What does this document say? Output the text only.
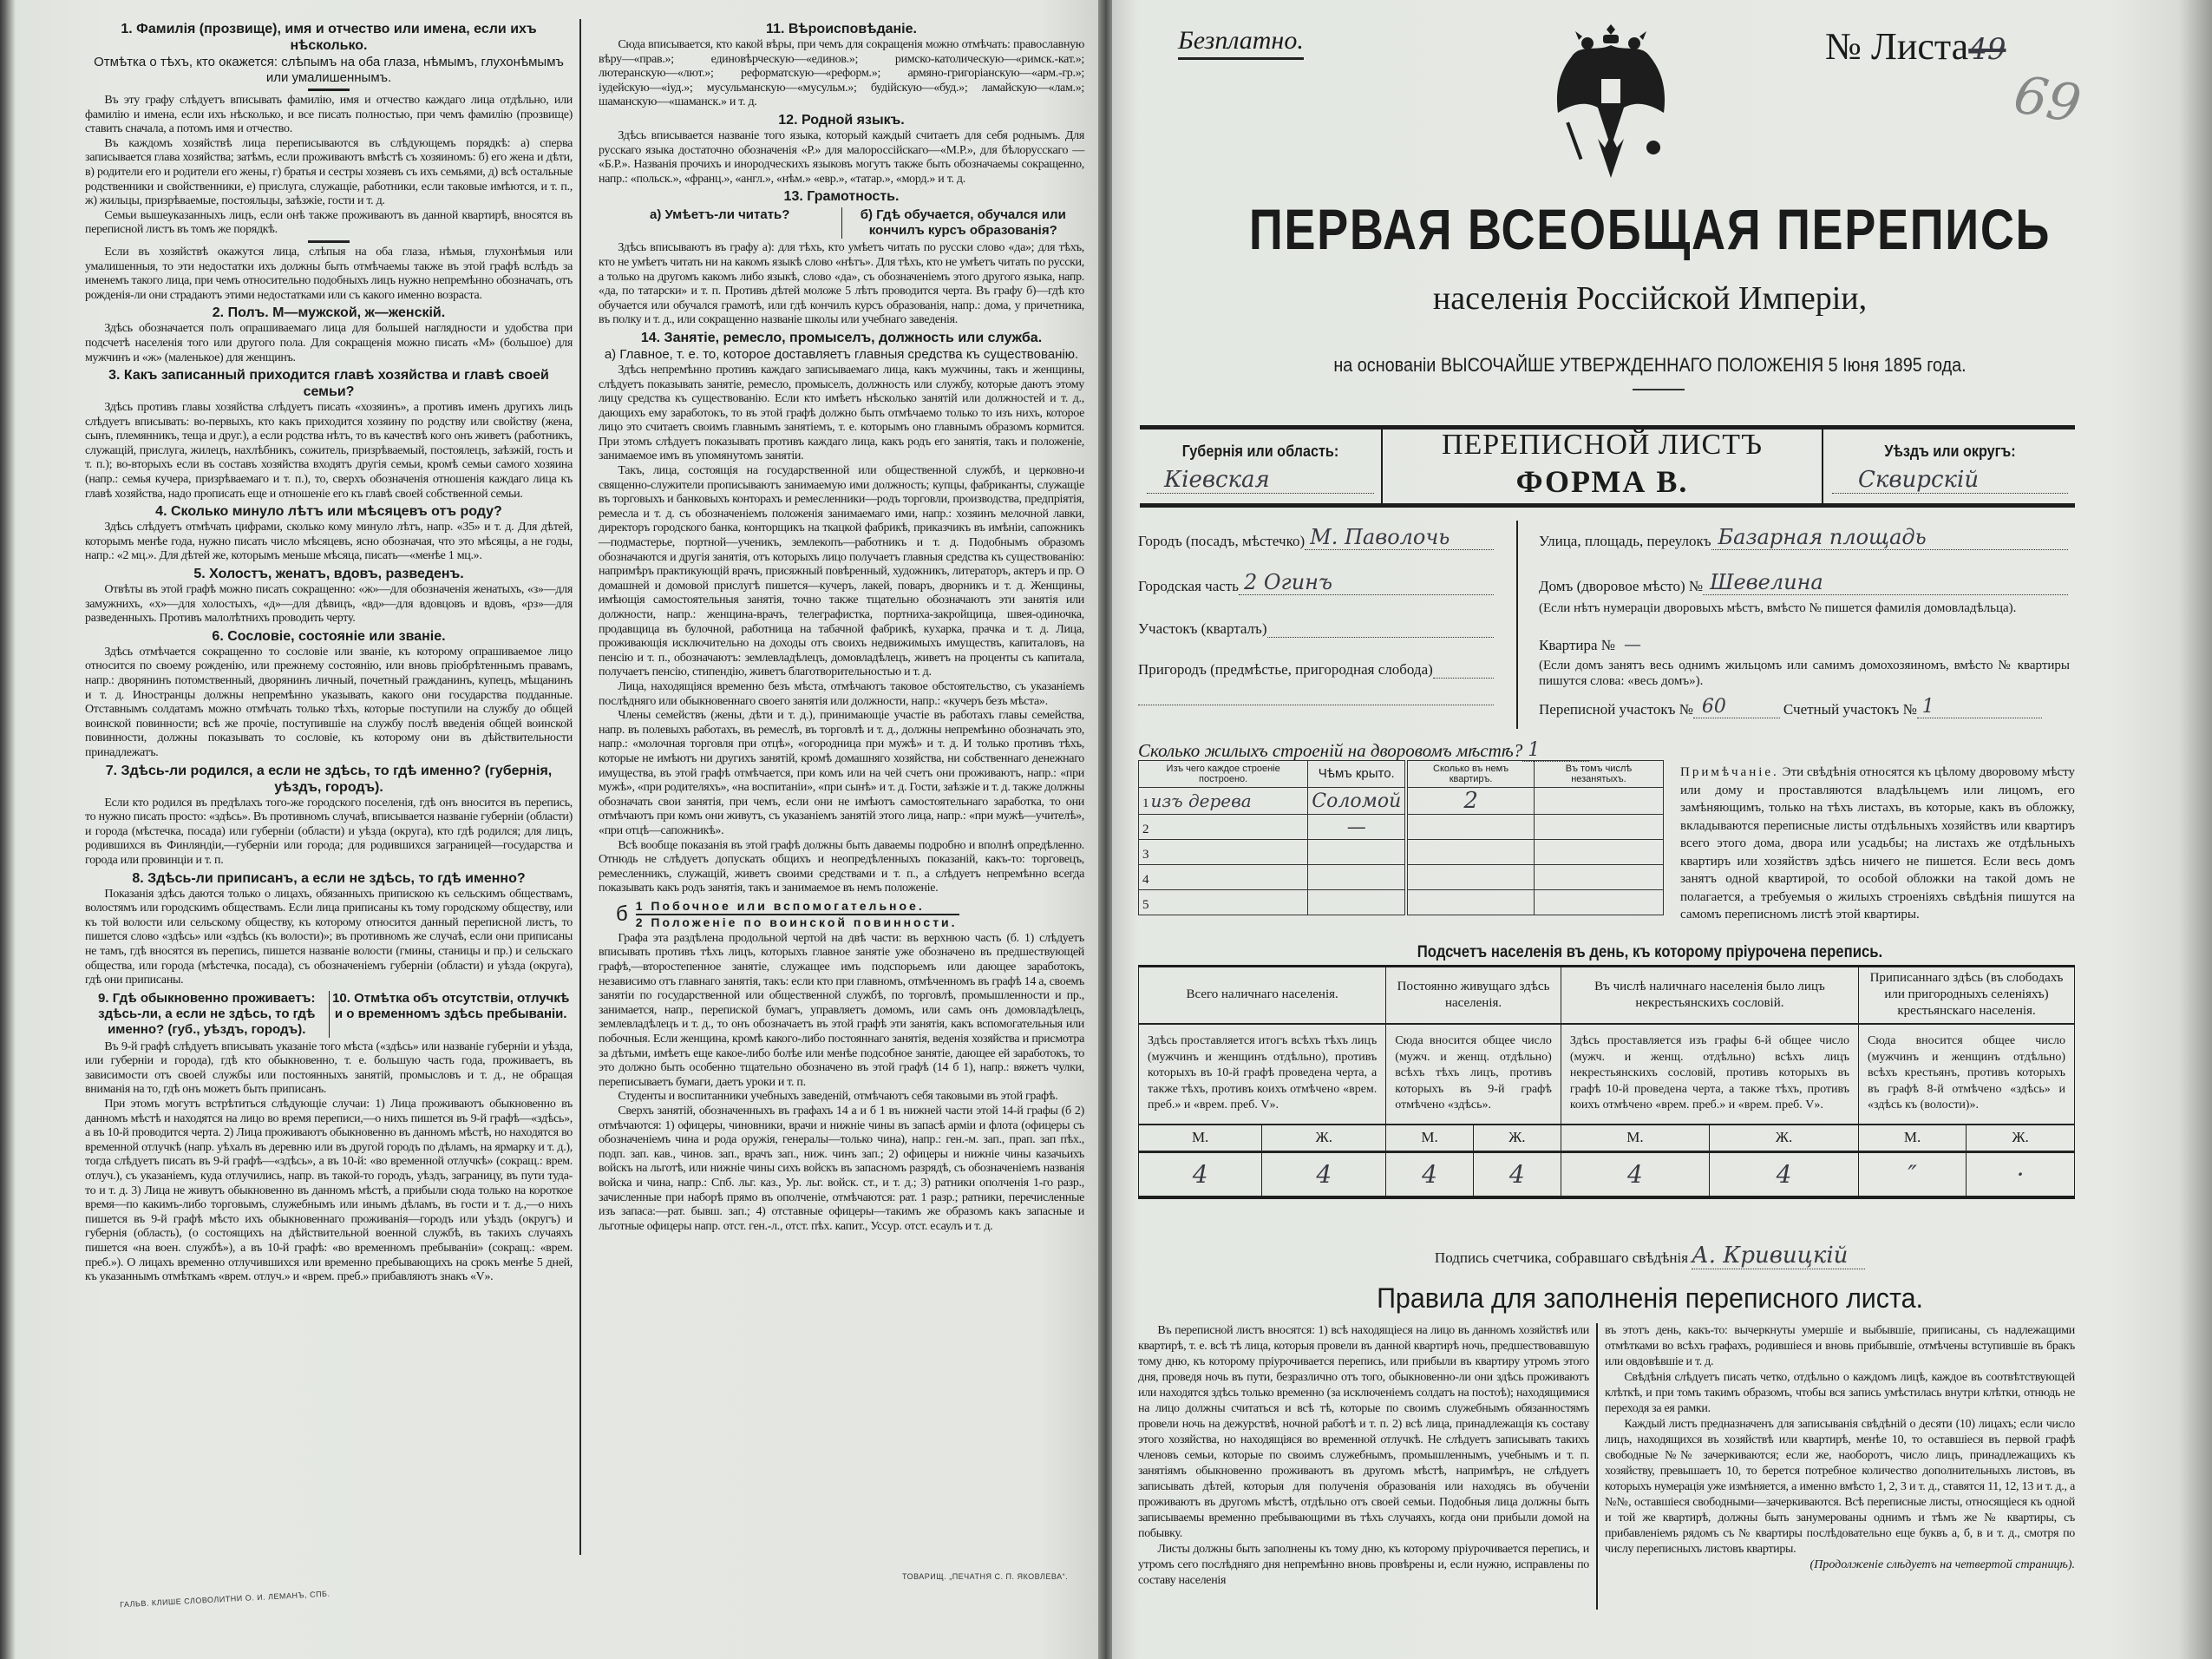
1. Фамилія (прозвище), имя и отчество или имена, если ихъ нѣсколько.
Отмѣтка о тѣхъ, кто окажется: слѣпымъ на оба глаза, нѣмымъ, глухонѣмымъ или умалишеннымъ.

Въ эту графу слѣдуетъ вписывать фамилію, имя и отчество каждаго лица отдѣльно, или фамилію и имена, если ихъ нѣсколько, и все писать полностью, при чемъ фамилію (прозвище) ставить сначала, а потомъ имя и отчество.

Въ каждомъ хозяйствѣ лица переписываются въ слѣдующемъ порядкѣ: а) сперва записывается глава хозяйства; затѣмъ, если проживаютъ вмѣстѣ съ хозяиномъ: б) его жена и дѣти, в) родители его и родители его жены, г) братья и сестры хозяевъ съ ихъ семьями, д) всѣ остальные родственники и свойственники, е) прислуга, служащіе, работники, если таковые имѣются, и т. п., ж) жильцы, призрѣваемые, постояльцы, заѣзжіе, гости и т. д.

Семьи вышеуказанныхъ лицъ, если онѣ также проживаютъ въ данной квартирѣ, вносятся въ переписной листъ въ томъ же порядкѣ.

Если въ хозяйствѣ окажутся лица, слѣпыя на оба глаза, нѣмыя, глухонѣмыя или умалишенныя, то эти недостатки ихъ должны быть отмѣчаемы также въ этой графѣ вслѣдъ за именемъ такого лица, при чемъ относительно подобныхъ лицъ нужно непремѣнно обозначать, отъ рожденія-ли они страдаютъ этими недостатками или съ какого именно возраста.

2. Полъ. М—мужской, ж—женскій.

Здѣсь обозначается полъ опрашиваемаго лица для большей наглядности и удобства при подсчетѣ населенія того или другого пола. Для сокращенія можно писать «М» (большое) для мужчинъ и «ж» (маленькое) для женщинъ.

3. Какъ записанный приходится главѣ хозяйства и главѣ своей семьи?

Здѣсь противъ главы хозяйства слѣдуетъ писать «хозяинъ», а противъ именъ другихъ лицъ слѣдуетъ вписывать: во-первыхъ, кто какъ приходится хозяину по родству или свойству (жена, сынъ, племянникъ, теща и друг.), а если родства нѣтъ, то въ качествѣ кого онъ живетъ (работникъ, служащій, прислуга, жилецъ, нахлѣбникъ, сожитель, призрѣваемый, постоялецъ, заѣзжій, гость и т. п.); во-вторыхъ если въ составъ хозяйства входятъ другія семьи, кромѣ семьи самого хозяина (напр.: семья кучера, призрѣваемаго и т. п.), то, сверхъ обозначенія отношенія каждаго лица къ главѣ хозяйства, надо прописать еще и отношеніе его къ главѣ своей собственной семьи.

4. Сколько минуло лѣтъ или мѣсяцевъ отъ роду?

Здѣсь слѣдуетъ отмѣчать цифрами, сколько кому минуло лѣтъ, напр. «35» и т. д. Для дѣтей, которымъ менѣе года, нужно писать число мѣсяцевъ, ясно обозначая, что это мѣсяцы, а не годы, напр.: «2 мц.». Для дѣтей же, которымъ меньше мѣсяца, писать—«менѣе 1 мц.».

5. Холостъ, женатъ, вдовъ, разведенъ.

Отвѣты въ этой графѣ можно писать сокращенно: «ж»—для обозначенія женатыхъ, «з»—для замужнихъ, «х»—для холостыхъ, «д»—для дѣвицъ, «вд»—для вдовцовъ и вдовъ, «рз»—для разведенныхъ. Противъ малолѣтнихъ проводить черту.

6. Сословіе, состояніе или званіе.

Здѣсь отмѣчается сокращенно то сословіе или званіе, къ которому опрашиваемое лицо относится по своему рожденію, или прежнему состоянію, или вновь пріобрѣтеннымъ правамъ, напр.: дворянинъ потомственный, дворянинъ личный, почетный гражданинъ, купецъ, мѣщанинъ и т. д. Иностранцы должны непремѣнно указывать, какого они государства подданные. Отставнымъ солдатамъ можно отмѣчать только тѣхъ, которые поступили на службу до общей воинской повинности; всѣ же прочіе, поступившіе на службу послѣ введенія общей воинской повинности, должны показывать то сословіе, къ которому они въ дѣйствительности принадлежатъ.

7. Здѣсь-ли родился, а если не здѣсь, то гдѣ именно? (губернія, уѣздъ, городъ).

Если кто родился въ предѣлахъ того-же городского поселенія, гдѣ онъ вносится въ перепись, то нужно писать просто: «здѣсь». Въ противномъ случаѣ, вписывается названіе губерніи (области) и города (мѣстечка, посада) или губерніи (области) и уѣзда (округа), кто гдѣ родился; для лицъ, родившихся въ Финляндіи,—губерніи или города; для родившихся заграницей—государства и города или провинціи и т. п.

8. Здѣсь-ли приписанъ, а если не здѣсь, то гдѣ именно?

Показанія здѣсь даются только о лицахъ, обязанныхъ припискою къ сельскимъ обществамъ, волостямъ или городскимъ обществамъ. Если лица приписаны къ тому городскому обществу, или къ той волости или сельскому обществу, къ которому относится данный переписной листъ, то пишется слово «здѣсь» или «здѣсь (къ волости)»; въ противномъ же случаѣ, если они приписаны не тамъ, гдѣ вносятся въ перепись, пишется названіе волости (гмины, станицы и пр.) и сельскаго общества, или города (мѣстечка, посада), съ обозначеніемъ губерніи (области) и уѣзда (округа), гдѣ они приписаны.

9. Гдѣ обыкновенно проживаетъ: здѣсь-ли, а если не здѣсь, то гдѣ именно? (губ., уѣздъ, городъ).
10. Отмѣтка объ отсутствіи, отлучкѣ и о временномъ здѣсь пребываніи.

Въ 9-й графѣ слѣдуетъ вписывать указаніе того мѣста («здѣсь» или названіе губерніи и уѣзда, или губерніи и города), гдѣ кто обыкновенно, т. е. большую часть года, проживаетъ, въ зависимости отъ своей службы или постоянныхъ занятій, промысловъ и т. д., не обращая вниманія на то, гдѣ онъ можетъ быть приписанъ.

При этомъ могутъ встрѣтиться слѣдующіе случаи: 1) Лица проживаютъ обыкновенно въ данномъ мѣстѣ и находятся на лицо во время переписи,—о нихъ пишется въ 9-й графѣ—«здѣсь», а въ 10-й проводится черта. 2) Лица проживаютъ обыкновенно въ данномъ мѣстѣ, но находятся во временной отлучкѣ (напр. уѣхалъ въ деревню или въ другой городъ по дѣламъ, на ярмарку и т. д.), тогда слѣдуетъ писать въ 9-й графѣ—«здѣсь», а въ 10-й: «во временной отлучкѣ» (сокращ.: врем. отлуч.), съ указаніемъ, куда отлучились, напр. въ такой-то городъ, уѣздъ, заграницу, въ пути туда-то и т. д. 3) Лица не живутъ обыкновенно въ данномъ мѣстѣ, а прибыли сюда только на короткое время—по какимъ-либо торговымъ, служебнымъ или инымъ дѣламъ, въ гости и т. д.,—о нихъ пишется въ 9-й графѣ мѣсто ихъ обыкновеннаго проживанія—городъ или уѣздъ (округъ) и губернія (область), (о состоящихъ на дѣйствительной военной службѣ, въ такихъ случаяхъ пишется «на воен. службѣ»), а въ 10-й графѣ: «во временномъ пребываніи» (сокращ.: «врем. преб.»). О лицахъ временно отлучившихся или временно пребывающихъ на срокъ менѣе 5 дней, къ указаннымъ отмѣткамъ «врем. отлуч.» и «врем. преб.» прибавляютъ знакъ «V».

11. Вѣроисповѣданіе.

Сюда вписывается, кто какой вѣры, при чемъ для сокращенія можно отмѣчать: православную вѣру—«прав.»; единовѣрческую—«единов.»; римско-католическую—«римск.-кат.»; лютеранскую—«лют.»; реформатскую—«реформ.»; армяно-григоріанскую—«арм.-гр.»; іудейскую—«іуд.»; мусульманскую—«мусульм.»; будійскую—«буд.»; ламайскую—«лам.»; шаманскую—«шаманск.» и т. д.

12. Родной языкъ.

Здѣсь вписывается названіе того языка, который каждый считаетъ для себя роднымъ. Для русскаго языка достаточно обозначенія «Р.» для малороссійскаго—«М.Р.», для бѣлорусскаго — «Б.Р.». Названія прочихъ и инородческихъ языковъ могутъ также быть обозначаемы сокращенно, напр.: «польск.», «франц.», «англ.», «нѣм.» «евр.», «татар.», «морд.» и т. д.

13. Грамотность.
а) Умѣетъ-ли читать?	б) Гдѣ обучается, обучался или кончилъ курсъ образованія?

Здѣсь вписываютъ въ графу а): для тѣхъ, кто умѣетъ читать по русски слово «да»; для тѣхъ, кто не умѣетъ читать ни на какомъ языкѣ слово «нѣтъ». Для тѣхъ, кто не умѣетъ читать по русски, а только на другомъ какомъ либо языкѣ, слово «да», съ обозначеніемъ этого другого языка, напр. «да, по татарски» и т. п. Противъ дѣтей моложе 5 лѣтъ проводится черта. Въ графу б)—гдѣ кто обучается или обучался грамотѣ, или гдѣ кончилъ курсъ образованія, напр.: дома, у причетника, въ полку и т. д., или сокращенно названіе школы или учебнаго заведенія.

14. Занятіе, ремесло, промыселъ, должность или служба.
а) Главное, т. е. то, которое доставляетъ главныя средства къ существованію.

Здѣсь непремѣнно противъ каждаго записываемаго лица, какъ мужчины, такъ и женщины, слѣдуетъ показывать занятіе, ремесло, промыселъ, должность или службу, которые даютъ этому лицу средства къ существованію. Если кто имѣетъ нѣсколько занятій или должностей и т. д., дающихъ ему заработокъ, то въ этой графѣ должно быть отмѣчаемо только то изъ нихъ, которое лицо это считаетъ своимъ главнымъ занятіемъ, т. е. которымъ оно главнымъ образомъ кормится. При этомъ слѣдуетъ показывать противъ каждаго лица, какъ родъ его занятія, такъ и положеніе, занимаемое имъ въ упомянутомъ занятіи.

Такъ, лица, состоящія на государственной или общественной службѣ, и церковно-и священно-служители прописываютъ занимаемую ими должность; купцы, фабриканты, служащіе въ торговыхъ и банковыхъ конторахъ и ремесленники—родъ торговли, производства, предпріятія, ремесла и т. д. съ обозначеніемъ положенія занимаемаго ими, напр.: хозяинъ мелочной лавки, директоръ городского банка, конторщикъ на ткацкой фабрикѣ, приказчикъ въ имѣніи, сапожникъ—подмастерье, портной—ученикъ, землекопъ—работникъ и т. д. Подобнымъ образомъ обозначаются и другія занятія, отъ которыхъ лицо получаетъ главныя средства къ существованію: напримѣръ практикующій врачъ, присяжный повѣренный, художникъ, литераторъ, актеръ и пр. О домашней и домовой прислугѣ пишется—кучеръ, лакей, поваръ, дворникъ и т. д. Женщины, имѣющія самостоятельныя занятія, точно также тщательно обозначаютъ эти занятія или должности, напр.: женщина-врачъ, телеграфистка, портниха-закройщица, швея-одиночка, продавщица въ булочной, работница на табачной фабрикѣ, кухарка, прачка и т. д. Лица, проживающія исключительно на доходы отъ своихъ недвижимыхъ имуществъ, капиталовъ, на пенсію и т. п., обозначаютъ: землевладѣлецъ, домовладѣлецъ, живетъ на проценты съ капитала, получаетъ пенсію, стипендію, живетъ благотворительностью и т. д.

Лица, находящіяся временно безъ мѣста, отмѣчаютъ таковое обстоятельство, съ указаніемъ послѣдняго или обыкновеннаго своего занятія или должности, напр.: «кучеръ безъ мѣста».

Члены семействъ (жены, дѣти и т. д.), принимающіе участіе въ работахъ главы семейства, напр. въ полевыхъ работахъ, въ ремеслѣ, въ торговлѣ и т. д., должны непремѣнно обозначать это, напр.: «молочная торговля при отцѣ», «огородница при мужѣ» и т. д. И только противъ тѣхъ, которые не имѣютъ ни другихъ занятій, кромѣ домашняго хозяйства, ни собственнаго денежнаго имущества, въ этой графѣ отмѣчается, при комъ или на чей счетъ они проживаютъ, напр.: «при мужѣ», «при родителяхъ», «на воспитаніи», «при сынѣ» и т. д. Гости, заѣзжіе и т. д. также должны обозначать свои занятія, при чемъ, если они не имѣютъ самостоятельнаго заработка, то они отмѣчаютъ при комъ они живутъ, съ указаніемъ занятій этого лица, напр.: «при мужѣ—учителѣ», «при отцѣ—сапожникѣ».

Всѣ вообще показанія въ этой графѣ должны быть даваемы подробно и вполнѣ опредѣленно. Отнюдь не слѣдуетъ допускать общихъ и неопредѣленныхъ показаній, какъ-то: торговецъ, ремесленникъ, служащій, живетъ своими средствами и т. п., а слѣдуетъ непремѣнно всегда показывать какъ родъ занятія, такъ и занимаемое въ немъ положеніе.

б 1 Побочное или вспомогательное.
2 Положеніе по воинской повинности.

Графа эта раздѣлена продольной чертой на двѣ части: въ верхнюю часть (б. 1) слѣдуетъ вписывать противъ тѣхъ лицъ, которыхъ главное занятіе уже обозначено въ предшествующей графѣ,—второстепенное занятіе, служащее имъ подспорьемъ или дающее заработокъ, независимо отъ главнаго занятія, такъ: если кто при главномъ, отмѣченномъ въ графѣ 14 а, своемъ занятіи по государственной или общественной службѣ, по торговлѣ, промышленности и пр., занимается, напр., перепиской бумагъ, управляетъ домомъ, или самъ онъ домовладѣлецъ, землевладѣлецъ и т. д., то онъ обозначаетъ въ этой графѣ эти занятія, какъ вспомогательныя или побочныя. Если женщина, кромѣ какого-либо постояннаго занятія, веденія хозяйства и присмотра за дѣтьми, имѣетъ еще какое-либо болѣе или менѣе подсобное занятіе, дающее ей заработокъ, то это должно быть особенно тщательно обозначено въ этой графѣ (14 б 1), напр.: вяжетъ чулки, переписываетъ бумаги, даетъ уроки и т. п.

Студенты и воспитанники учебныхъ заведеній, отмѣчаютъ себя таковыми въ этой графѣ.

Сверхъ занятій, обозначенныхъ въ графахъ 14 а и б 1 въ нижней части этой 14-й графы (б 2) отмѣчаются: 1) офицеры, чиновники, врачи и нижніе чины въ запасѣ арміи и флота (офицеры съ обозначеніемъ чина и рода оружія, генералы—только чина), напр.: ген.-м. зап., прап. зап пѣх., подп. зап. кав., чинов. зап., врачъ зап., ниж. чинъ зап.; 2) офицеры и нижніе чины казачьихъ войскъ на льготѣ, или нижніе чины сихъ войскъ въ запасномъ разрядѣ, съ обозначеніемъ названія войска и чина, напр.: Спб. льг. каз., Ур. льг. войск. ст., и т. д.; 3) ратники ополченія 1-го разр., зачисленные при наборѣ прямо въ ополченіе, отмѣчаются: рат. 1 разр.; ратники, перечисленные изъ запаса:—рат. бывш. зап.; 4) отставные офицеры—такимъ же образомъ какъ запасные и льготные офицеры напр. отст. ген.-л., отст. пѣх. капит., Уссур. отст. есаулъ и т. д.

ГАЛЬВ. КЛИШЕ СЛОВОЛИТНИ О. И. ЛЕМАНЪ, СПБ.
ТОВАРИЩ. „ПЕЧАТНЯ С. П. ЯКОВЛЕВА“.
Безплатно.	№ Листа49
69
ПЕРВАЯ ВСЕОБЩАЯ ПЕРЕПИСЬ
населенія Россійской Имперіи,
на основаніи ВЫСОЧАЙШЕ УТВЕРЖДЕННАГО ПОЛОЖЕНІЯ 5 Іюня 1895 года.
Губернія или область:
Кіевская
ПЕРЕПИСНОЙ ЛИСТЪ
ФОРМА В.
Уѣздъ или округъ:
Сквирскій
Городъ (посадъ, мѣстечко) М. Паволочь
Городская часть 2 Огинъ
Участокъ (кварталъ)
Пригородъ (предмѣстье, пригородная слобода)
Улица, площадь, переулокъ Базарная площадь
Домъ (дворовое мѣсто) № Шевелина
(Если нѣтъ нумераціи дворовыхъ мѣстъ, вмѣсто № пишется фамилія домовладѣльца).
Квартира № —
(Если домъ занятъ весь однимъ жильцомъ или самимъ домохозяиномъ, вмѣсто № квартиры пишутся слова: «весь домъ»).
Переписной участокъ № 60	Счетный участокъ № 1
Сколько жилыхъ строеній на дворовомъ мѣстѣ? 1
Изъ чего каждое строеніе построено.	Чѣмъ крыто.	Сколько въ немъ квартиръ.	Въ томъ числѣ незанятыхъ.
1 изъ дерева	Соломой	2	
2	—		
3			
4			
5			
Примѣчаніе. Эти свѣдѣнія относятся къ цѣлому дворовому мѣсту или дому и проставляются владѣльцемъ или лицомъ, его замѣняющимъ, только на тѣхъ листахъ, въ которые, какъ въ обложку, вкладываются переписные листы отдѣльныхъ хозяйствъ или квартиръ всего этого дома, двора или усадьбы; на листахъ же отдѣльныхъ квартиръ или хозяйствъ здѣсь ничего не пишется. Если весь домъ занятъ одной квартирой, то особой обложки на такой домъ не полагается, а требуемыя о жилыхъ строеніяхъ свѣдѣнія пишутся на самомъ переписномъ листѣ этой квартиры.
Подсчетъ населенія въ день, къ которому пріурочена перепись.
Всего наличнаго населенія.		Постоянно живущаго здѣсь населенія.		Въ числѣ наличнаго населенія было лицъ некрестьянскихъ сословій.		Приписаннаго здѣсь (въ слободахъ или пригородныхъ селеніяхъ) крестьянскаго населенія.	
Здѣсь проставляется итогъ всѣхъ тѣхъ лицъ (мужчинъ и женщинъ отдѣльно), противъ которыхъ въ 10-й графѣ проведена черта, а также тѣхъ, противъ коихъ отмѣчено «врем. преб.» и «врем. преб. V».		Сюда вносится общее число (мужч. и женщ. отдѣльно) всѣхъ тѣхъ лицъ, противъ которыхъ въ 9-й графѣ отмѣчено «здѣсь».		Здѣсь проставляется изъ графы 6-й общее число (мужч. и женщ. отдѣльно) всѣхъ лицъ некрестьянскихъ сословій, противъ которыхъ въ графѣ 10-й проведена черта, а также тѣхъ, противъ коихъ отмѣчено «врем. преб.» и «врем. преб. V».		Сюда вносится общее число (мужчинъ и женщинъ отдѣльно) всѣхъ крестьянъ, противъ которыхъ въ графѣ 8-й отмѣчено «здѣсь» и «здѣсь къ (волости)».	
М.	Ж.	М.	Ж.	М.	Ж.	М.	Ж.
4	4	4	4	4	4	″	·
Подпись счетчика, собравшаго свѣдѣнія А. Кривицкій
Правила для заполненія переписного листа.

Въ переписной листъ вносятся: 1) всѣ находящіеся на лицо въ данномъ хозяйствѣ или квартирѣ, т. е. всѣ тѣ лица, которыя провели въ данной квартирѣ ночь, предшествовавшую тому дню, къ которому пріурочивается перепись, или прибыли въ квартиру утромъ этого дня, проведя ночь въ пути, безразлично отъ того, обыкновенно-ли они здѣсь проживаютъ или находятся здѣсь только временно (за исключеніемъ солдатъ на постоѣ); находящимися на лицо должны считаться и всѣ тѣ, которые по своимъ служебнымъ обязанностямъ провели ночь на дежурствѣ, ночной работѣ и т. п. 2) всѣ лица, принадлежащія къ составу этого хозяйства, но находящіяся во временной отлучкѣ. Не слѣдуетъ записывать такихъ членовъ семьи, которые по своимъ служебнымъ, промышленнымъ, учебнымъ и т. п. занятіямъ обыкновенно проживаютъ въ другомъ мѣстѣ, напримѣръ, не слѣдуетъ записывать дѣтей, которыя для полученія образованія или находясь въ обученіи проживаютъ въ другомъ мѣстѣ, отдѣльно отъ своей семьи. Подобныя лица должны быть записываемы временно пребывающими въ тѣхъ случаяхъ, когда они прибыли домой на побывку.

Листы должны быть заполнены къ тому дню, къ которому пріурочивается перепись, и утромъ сего послѣдняго дня непремѣнно вновь провѣрены и, если нужно, исправлены по составу населенія

въ этотъ день, какъ-то: вычеркнуты умершіе и выбывшіе, приписаны, съ надлежащими отмѣтками во всѣхъ графахъ, родившіеся и вновь прибывшіе, отмѣчены вступившіе въ бракъ или овдовѣвшіе и т. д.

Свѣдѣнія слѣдуетъ писать четко, отдѣльно о каждомъ лицѣ, каждое въ соотвѣтствующей клѣткѣ, и при томъ такимъ образомъ, чтобы вся запись умѣстилась внутри клѣтки, отнюдь не переходя за ея рамки.

Каждый листъ предназначенъ для записыванія свѣдѣній о десяти (10) лицахъ; если число лицъ, находящихся въ хозяйствѣ или квартирѣ, менѣе 10, то оставшіеся въ первой графѣ свободные №№ зачеркиваются; если же, наоборотъ, число лицъ, принадлежащихъ къ хозяйству, превышаетъ 10, то берется потребное количество дополнительныхъ листовъ, въ которыхъ нумерація уже измѣняется, а именно вмѣсто 1, 2, 3 и т. д., ставятся 11, 12, 13 и т. д., а №№, оставшіеся свободными—зачеркиваются. Всѣ переписные листы, относящіеся къ одной и той же квартирѣ, должны быть занумерованы однимъ и тѣмъ же № квартиры, съ прибавленіемъ рядомъ съ № квартиры послѣдовательно еще буквъ а, б, в и т. д., смотря по числу переписныхъ листовъ квартиры.

(Продолженіе слѣдуетъ на четвертой страницѣ).
